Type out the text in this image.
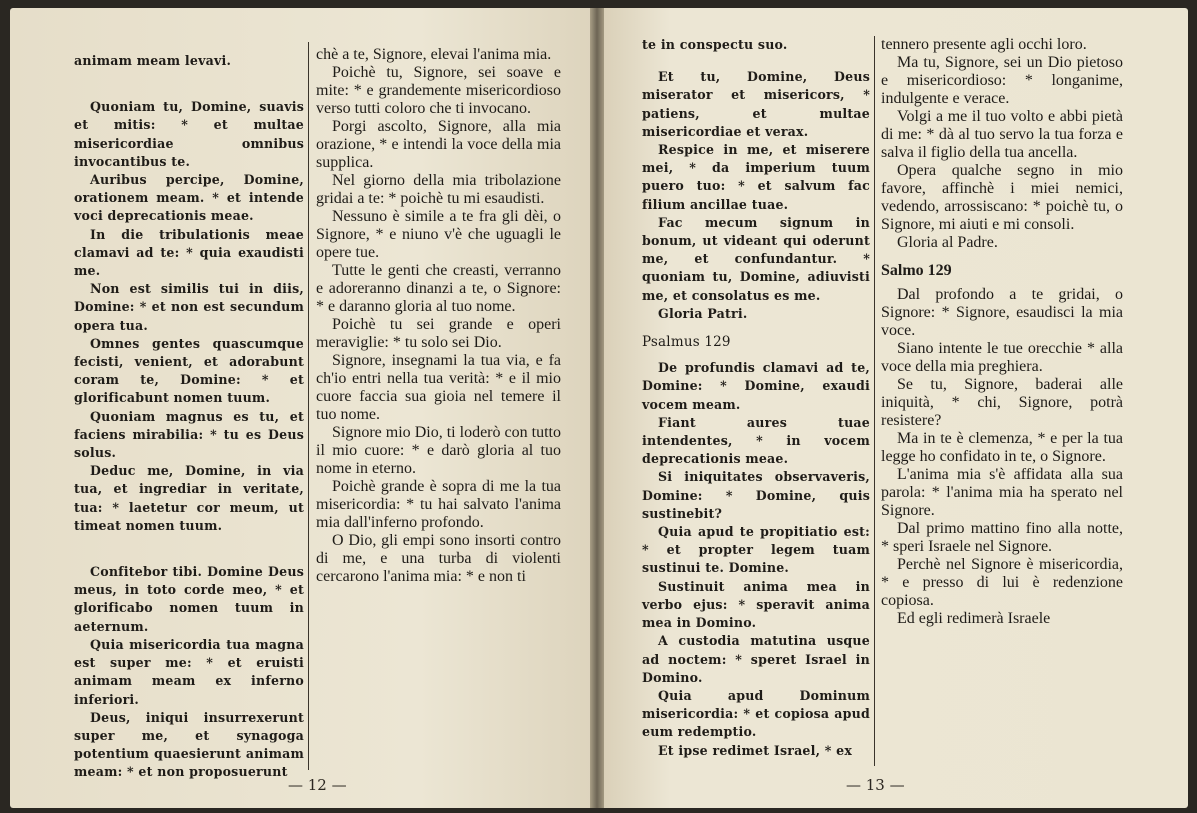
animam meam levavi.

Quoniam tu, Domine, suavis et mitis: * et multae misericordiae omnibus invocantibus te.

Auribus percipe, Domine, orationem meam. * et intende voci deprecationis meae.

In die tribulationis meae clamavi ad te: * quia exaudisti me.

Non est similis tui in diis, Domine: * et non est secundum opera tua.

Omnes gentes quascumque fecisti, venient, et adorabunt coram te, Domine: * et glorificabunt nomen tuum.

Quoniam magnus es tu, et faciens mirabilia: * tu es Deus solus.

Deduc me, Domine, in via tua, et ingrediar in veritate, tua: * laetetur cor meum, ut timeat nomen tuum.

Confitebor tibi. Domine Deus meus, in toto corde meo, * et glorificabo nomen tuum in aeternum.

Quia misericordia tua magna est super me: * et eruisti animam meam ex inferno inferiori.

Deus, iniqui insurrexerunt super me, et synagoga potentium quaesierunt animam meam: * et non proposuerunt

chè a te, Signore, elevai l'anima mia.

Poichè tu, Signore, sei soave e mite: * e grandemente misericordioso verso tutti coloro che ti invocano.

Porgi ascolto, Signore, alla mia orazione, * e intendi la voce della mia supplica.

Nel giorno della mia tribolazione gridai a te: * poichè tu mi esaudisti.

Nessuno è simile a te fra gli dèi, o Signore, * e niuno v'è che uguagli le opere tue.

Tutte le genti che creasti, verranno e adoreranno dinanzi a te, o Signore: * e daranno gloria al tuo nome.

Poichè tu sei grande e operi meraviglie: * tu solo sei Dio.

Signore, insegnami la tua via, e fa ch'io entri nella tua verità: * e il mio cuore faccia sua gioia nel temere il tuo nome.

Signore mio Dio, ti loderò con tutto il mio cuore: * e darò gloria al tuo nome in eterno.

Poichè grande è sopra di me la tua misericordia: * tu hai salvato l'anima mia dall'inferno profondo.

O Dio, gli empi sono insorti contro di me, e una turba di violenti cercarono l'anima mia: * e non ti

— 12 —

te in conspectu suo.

Et tu, Domine, Deus miserator et misericors, * patiens, et multae misericordiae et verax.

Respice in me, et miserere mei, * da imperium tuum puero tuo: * et salvum fac filium ancillae tuae.

Fac mecum signum in bonum, ut videant qui oderunt me, et confundantur. * quoniam tu, Domine, adiuvisti me, et consolatus es me.

Gloria Patri.

Psalmus 129

De profundis clamavi ad te, Domine: * Domine, exaudi vocem meam.

Fiant aures tuae intendentes, * in vocem deprecationis meae.

Si iniquitates observaveris, Domine: * Domine, quis sustinebit?

Quia apud te propitiatio est: * et propter legem tuam sustinui te. Domine.

Sustinuit anima mea in verbo ejus: * speravit anima mea in Domino.

A custodia matutina usque ad noctem: * speret Israel in Domino.

Quia apud Dominum misericordia: * et copiosa apud eum redemptio.

Et ipse redimet Israel, * ex

tennero presente agli occhi loro.

Ma tu, Signore, sei un Dio pietoso e misericordioso: * longanime, indulgente e verace.

Volgi a me il tuo volto e abbi pietà di me: * dà al tuo servo la tua forza e salva il figlio della tua ancella.

Opera qualche segno in mio favore, affinchè i miei nemici, vedendo, arrossiscano: * poichè tu, o Signore, mi aiuti e mi consoli.

Gloria al Padre.

Salmo 129

Dal profondo a te gridai, o Signore: * Signore, esaudisci la mia voce.

Siano intente le tue orecchie * alla voce della mia preghiera.

Se tu, Signore, baderai alle iniquità, * chi, Signore, potrà resistere?

Ma in te è clemenza, * e per la tua legge ho confidato in te, o Signore.

L'anima mia s'è affidata alla sua parola: * l'anima mia ha sperato nel Signore.

Dal primo mattino fino alla notte, * speri Israele nel Signore.

Perchè nel Signore è misericordia, * e presso di lui è redenzione copiosa.

Ed egli redimerà Israele

— 13 —
